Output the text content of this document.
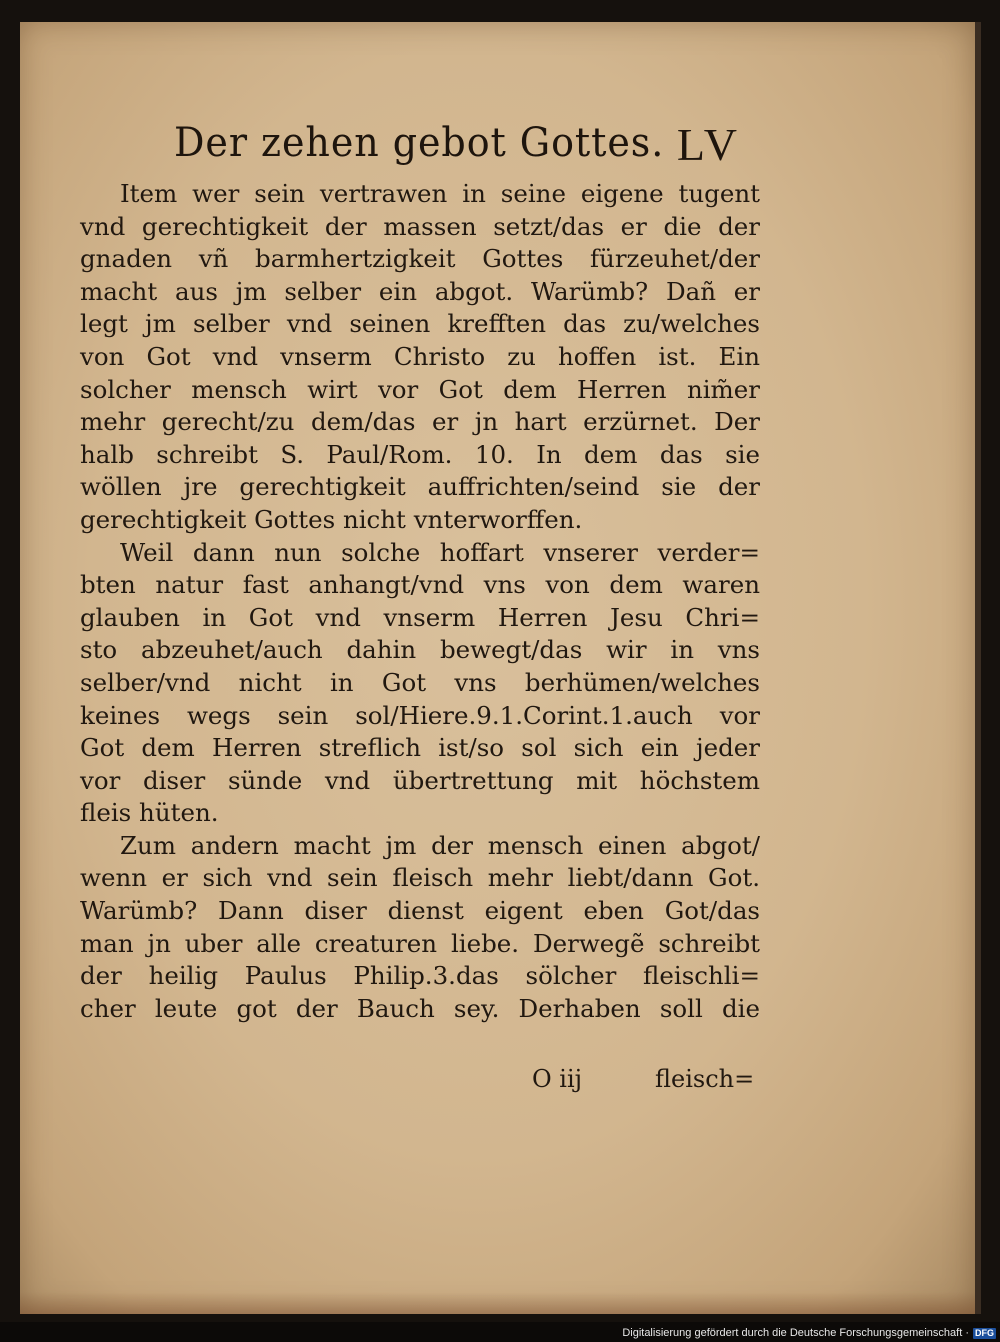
Der zehen gebot Gottes. LV
Item wer sein vertrawen in seine eigene tugent
vnd gerechtigkeit der massen setzt/das er die der
gnaden vñ barmhertzigkeit Gottes fürzeuhet/der
macht aus jm selber ein abgot. Warümb? Dañ er
legt jm selber vnd seinen krefften das zu/welches
von Got vnd vnserm Christo zu hoffen ist. Ein
solcher mensch wirt vor Got dem Herren nim̃er
mehr gerecht/zu dem/das er jn hart erzürnet. Der
halb schreibt S. Paul/Rom. 10. In dem das sie
wöllen jre gerechtigkeit auffrichten/seind sie der
gerechtigkeit Gottes nicht vnterworffen.
Weil dann nun solche hoffart vnserer verder=
bten natur fast anhangt/vnd vns von dem waren
glauben in Got vnd vnserm Herren Jesu Chri=
sto abzeuhet/auch dahin bewegt/das wir in vns
selber/vnd nicht in Got vns berhümen/welches
keines wegs sein sol/Hiere.9.1.Corint.1.auch vor
Got dem Herren streflich ist/so sol sich ein jeder
vor diser sünde vnd übertrettung mit höchstem
fleis hüten.
Zum andern macht jm der mensch einen abgot/
wenn er sich vnd sein fleisch mehr liebt/dann Got.
Warümb? Dann diser dienst eigent eben Got/das
man jn uber alle creaturen liebe. Derwegẽ schreibt
der heilig Paulus Philip.3.das sölcher fleischli=
cher leute got der Bauch sey. Derhaben soll die
O iij	fleisch=
Digitalisierung gefördert durch die Deutsche Forschungsgemeinschaft · DFG
